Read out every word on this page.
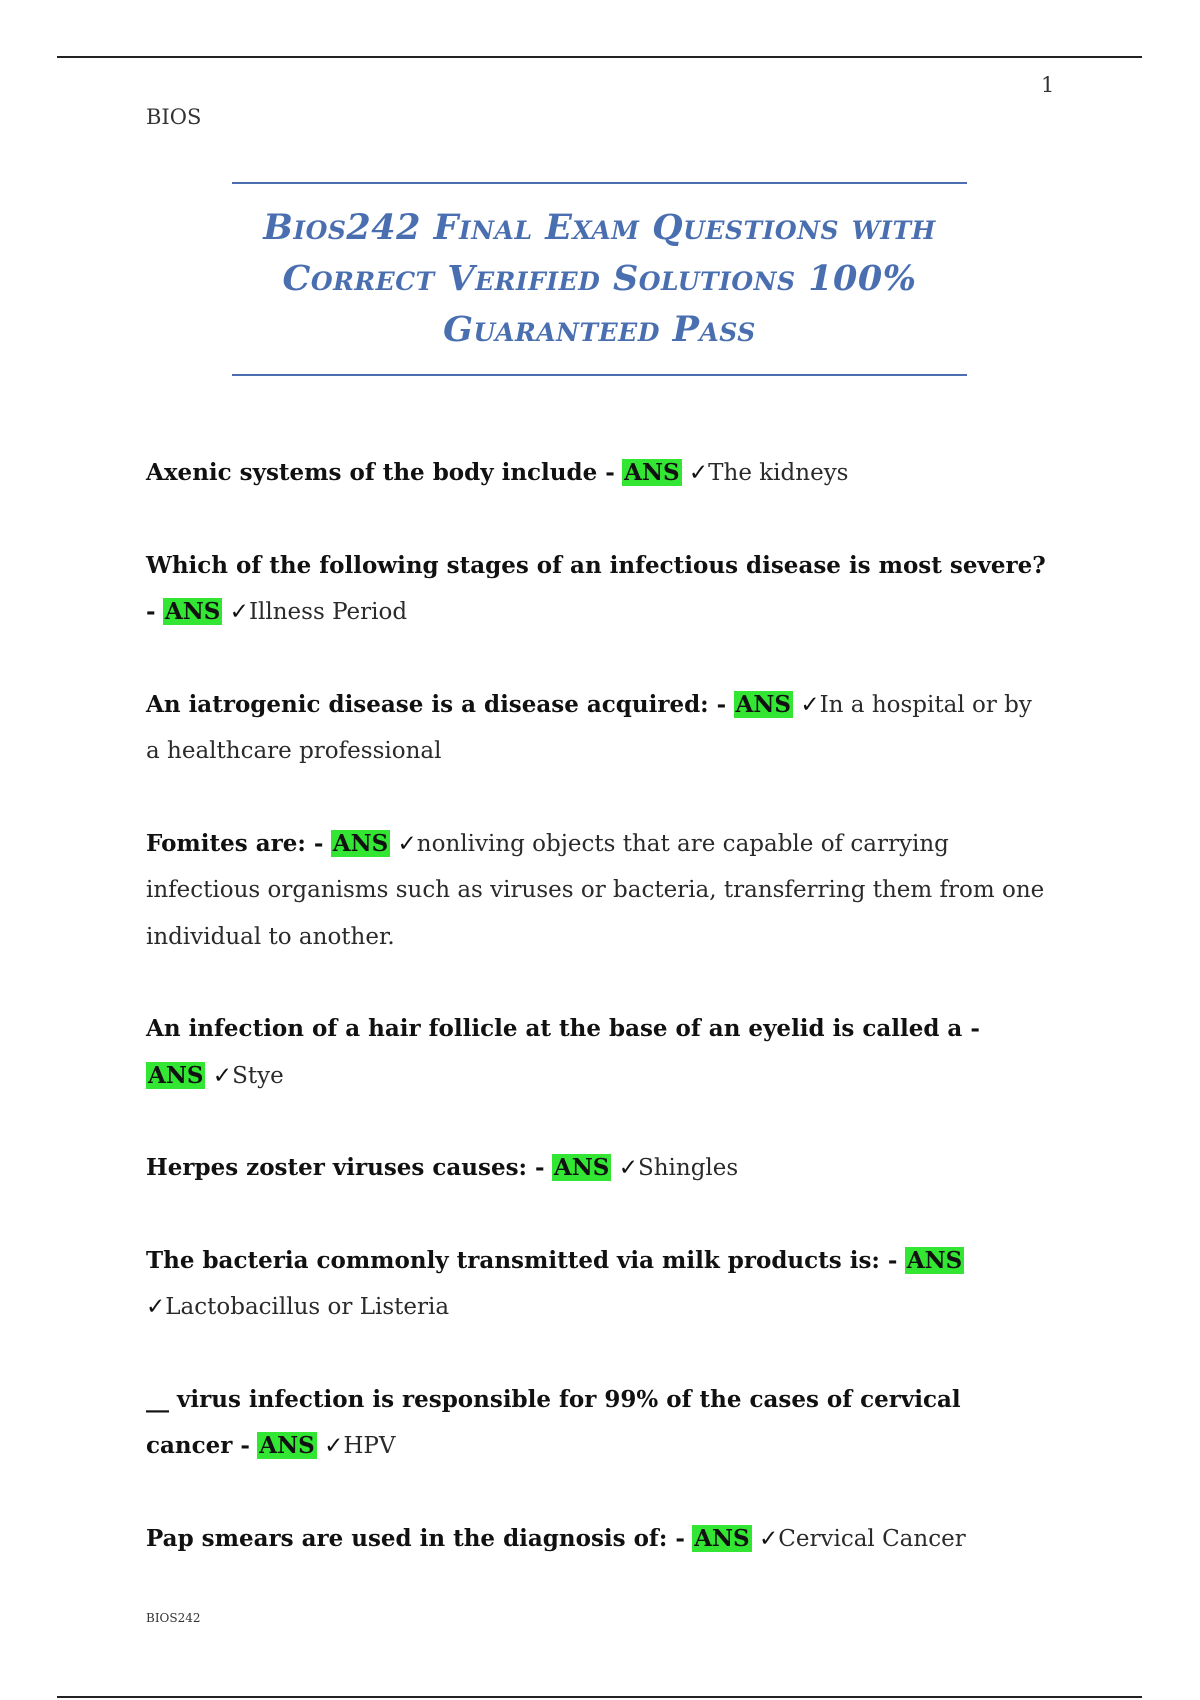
1
BIOS
Bios242 Final Exam Questions with Correct Verified Solutions 100% Guaranteed Pass
Axenic systems of the body include - ANS ✓The kidneys
Which of the following stages of an infectious disease is most severe? - ANS ✓Illness Period
An iatrogenic disease is a disease acquired: - ANS ✓In a hospital or by a healthcare professional
Fomites are: - ANS ✓nonliving objects that are capable of carrying infectious organisms such as viruses or bacteria, transferring them from one individual to another.
An infection of a hair follicle at the base of an eyelid is called a - ANS ✓Stye
Herpes zoster viruses causes: - ANS ✓Shingles
The bacteria commonly transmitted via milk products is: - ANS ✓Lactobacillus or Listeria
__ virus infection is responsible for 99% of the cases of cervical cancer - ANS ✓HPV
Pap smears are used in the diagnosis of: - ANS ✓Cervical Cancer
BIOS242
